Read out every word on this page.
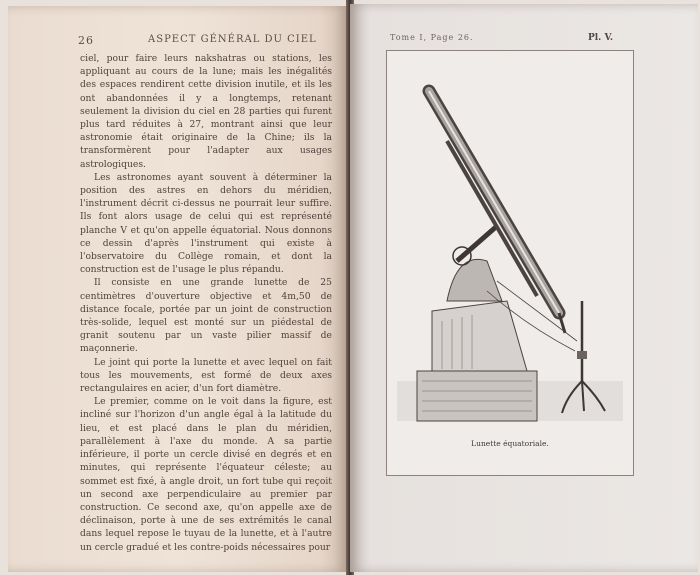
26	ASPECT GÉNÉRAL DU CIEL

ciel, pour faire leurs nakshatras ou stations, les appliquant au cours de la lune; mais les inégalités des espaces rendirent cette division inutile, et ils les ont abandonnées il y a longtemps, retenant seulement la division du ciel en 28 parties qui furent plus tard réduites à 27, montrant ainsi que leur astronomie était originaire de la Chine; ils la transformèrent pour l'adapter aux usages astrologiques.

Les astronomes ayant souvent à déterminer la position des astres en dehors du méridien, l'instrument décrit ci-dessus ne pourrait leur suffire. Ils font alors usage de celui qui est représenté planche V et qu'on appelle équatorial. Nous donnons ce dessin d'après l'instrument qui existe à l'observatoire du Collège romain, et dont la construction est de l'usage le plus répandu.

Il consiste en une grande lunette de 25 centimètres d'ouverture objective et 4m,50 de distance focale, portée par un joint de construction très-solide, lequel est monté sur un piédestal de granit soutenu par un vaste pilier massif de maçonnerie.

Le joint qui porte la lunette et avec lequel on fait tous les mouvements, est formé de deux axes rectangulaires en acier, d'un fort diamètre.

Le premier, comme on le voit dans la figure, est incliné sur l'horizon d'un angle égal à la latitude du lieu, et est placé dans le plan du méridien, parallèlement à l'axe du monde. A sa partie inférieure, il porte un cercle divisé en degrés et en minutes, qui représente l'équateur céleste; au sommet est fixé, à angle droit, un fort tube qui reçoit un second axe perpendiculaire au premier par construction. Ce second axe, qu'on appelle axe de déclinaison, porte à une de ses extrémités le canal dans lequel repose le tuyau de la lunette, et à l'autre un cercle gradué et les contre-poids nécessaires pour

Tome I, Page 26.	Pl. V.
Lunette équatoriale.
